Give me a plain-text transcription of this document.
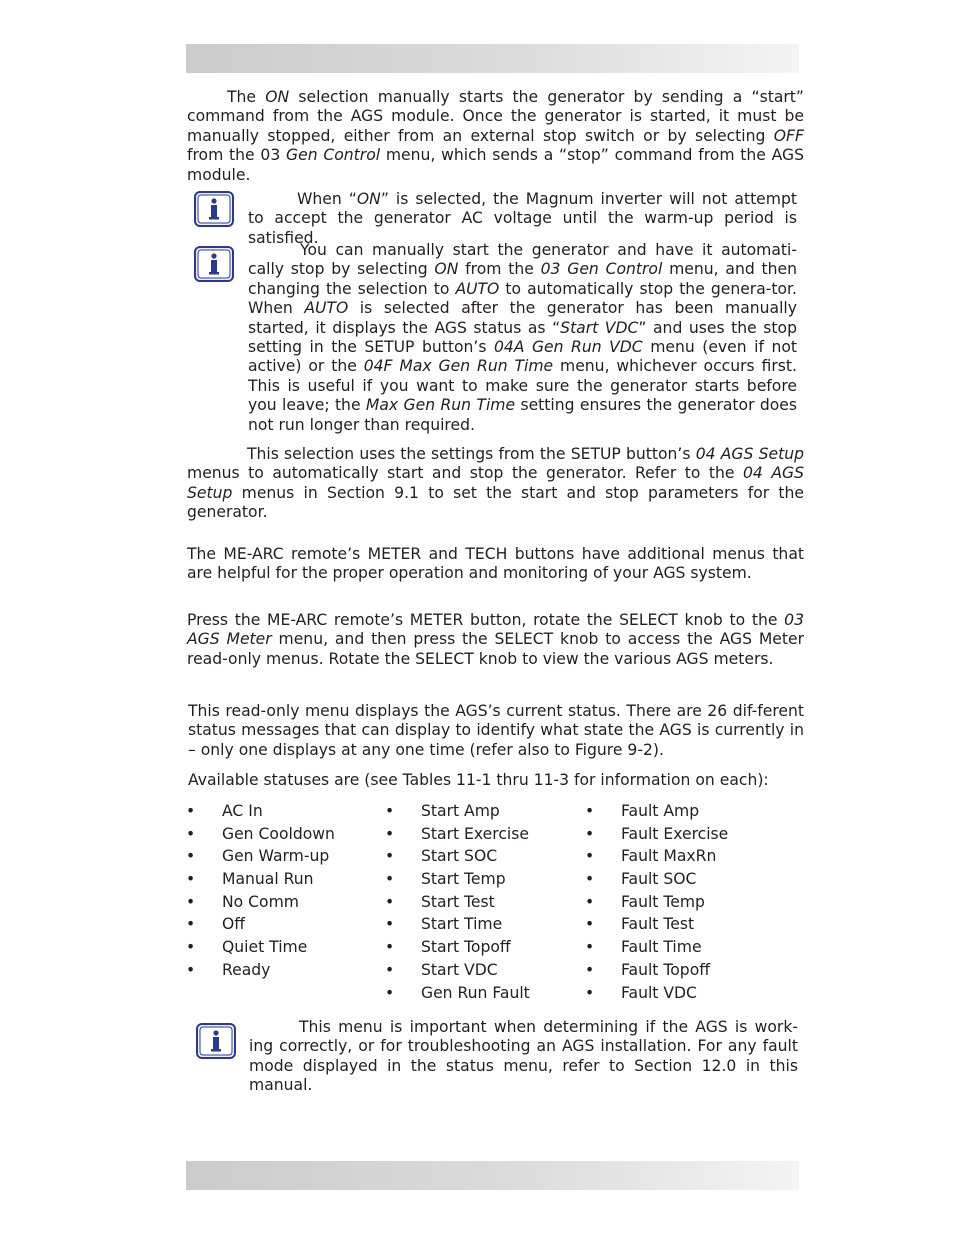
The ON selection manually starts the generator by sending a “start” command from the AGS module. Once the generator is started, it must be manually stopped, either from an external stop switch or by selecting OFF from the 03 Gen Control menu, which sends a “stop” command from the AGS module.

When “ON” is selected, the Magnum inverter will not attempt to accept the generator AC voltage until the warm-up period is satisfied.

You can manually start the generator and have it automati-cally stop by selecting ON from the 03 Gen Control menu, and then changing the selection to AUTO to automatically stop the genera-tor. When AUTO is selected after the generator has been manually started, it displays the AGS status as “Start VDC” and uses the stop setting in the SETUP button’s 04A Gen Run VDC menu (even if not active) or the 04F Max Gen Run Time menu, whichever occurs first. This is useful if you want to make sure the generator starts before you leave; the Max Gen Run Time setting ensures the generator does not run longer than required.

This selection uses the settings from the SETUP button’s 04 AGS Setup menus to automatically start and stop the generator. Refer to the 04 AGS Setup menus in Section 9.1 to set the start and stop parameters for the generator.

The ME-ARC remote’s METER and TECH buttons have additional menus that are helpful for the proper operation and monitoring of your AGS system.

Press the ME-ARC remote’s METER button, rotate the SELECT knob to the 03 AGS Meter menu, and then press the SELECT knob to access the AGS Meter read-only menus. Rotate the SELECT knob to view the various AGS meters.

This read-only menu displays the AGS’s current status. There are 26 dif-ferent status messages that can display to identify what state the AGS is currently in – only one displays at any one time (refer also to Figure 9-2).

Available statuses are (see Tables 11-1 thru 11-3 for information on each):

• AC In
• Gen Cooldown
• Gen Warm-up
• Manual Run
• No Comm
• Off
• Quiet Time
• Ready
• Start Amp
• Start Exercise
• Start SOC
• Start Temp
• Start Test
• Start Time
• Start Topoff
• Start VDC
• Gen Run Fault
• Fault Amp
• Fault Exercise
• Fault MaxRn
• Fault SOC
• Fault Temp
• Fault Test
• Fault Time
• Fault Topoff
• Fault VDC

This menu is important when determining if the AGS is work-ing correctly, or for troubleshooting an AGS installation. For any fault mode displayed in the status menu, refer to Section 12.0 in this manual.
